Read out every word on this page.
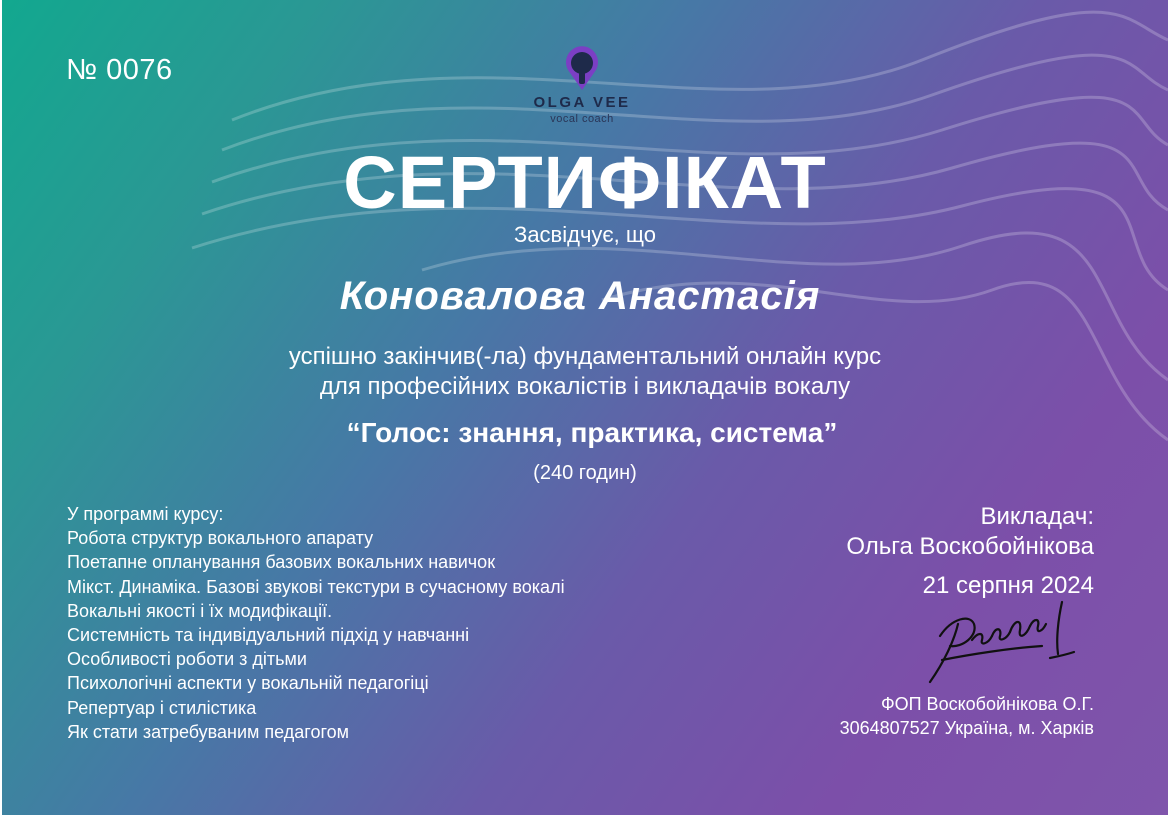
№ 0076
OLGA VEE
vocal coach
СЕРТИФІКАТ
Засвідчує, що
Коновалова Анастасія
успішно закінчив(-ла) фундаментальний онлайн курс
для професійних вокалістів і викладачів вокалу
“Голос: знання, практика, система”
(240 годин)
У программі курсу:
Робота структур вокального апарату
Поетапне опланування базових вокальних навичок
Мікст. Динаміка. Базові звукові текстури в сучасному вокалі
Вокальні якості і їх модифікації.
Системність та індивідуальний підхід у навчанні
Особливості роботи з дітьми
Психологічні аспекти у вокальній педагогіці
Репертуар і стилістика
Як стати затребуваним педагогом
Викладач:
Ольга Воскобойнікова
21 серпня 2024
ФОП Воскобойнікова О.Г.
3064807527 Україна, м. Харків
